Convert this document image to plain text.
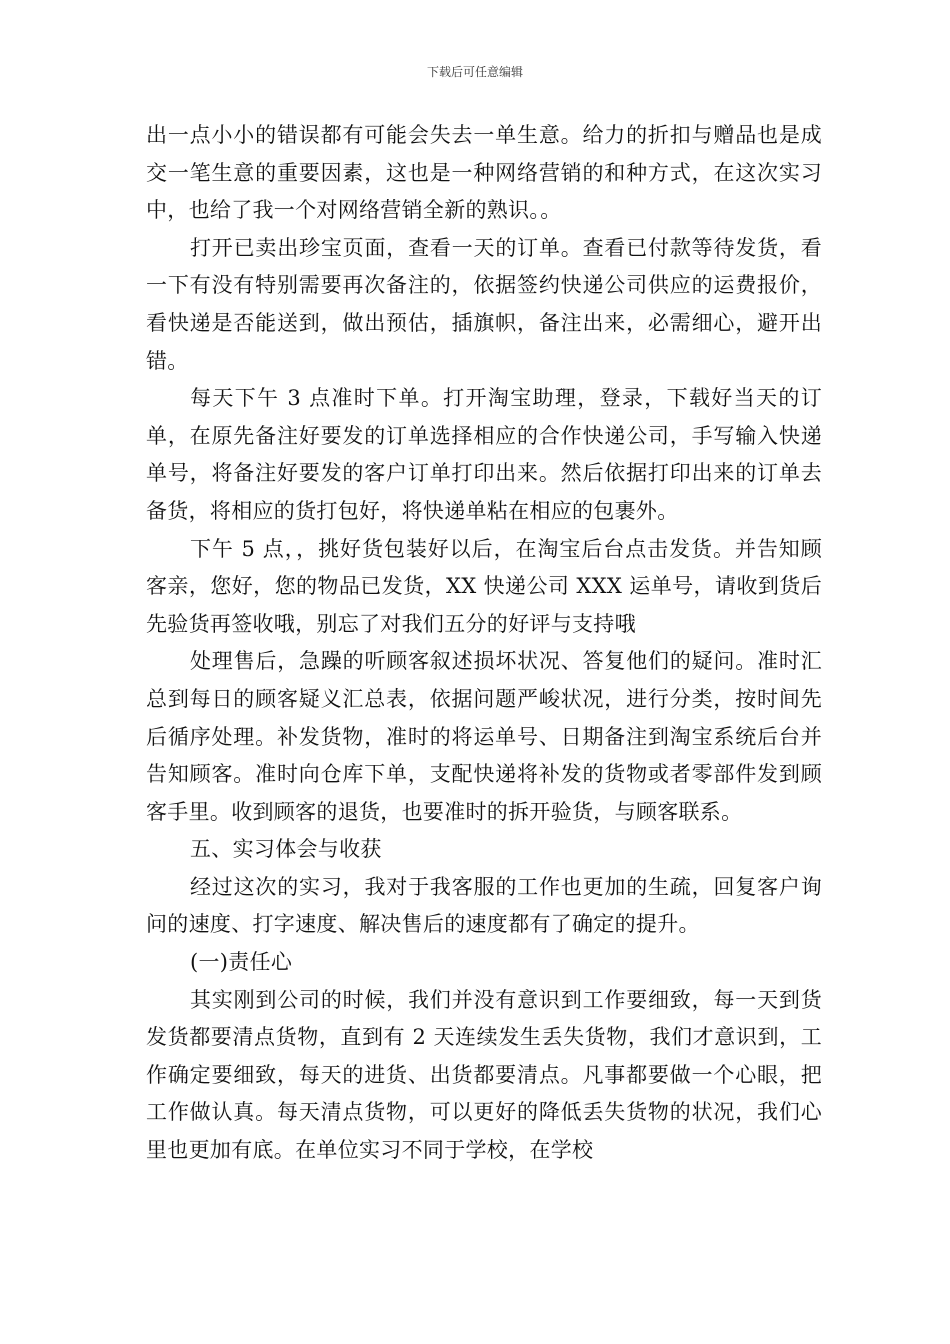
下载后可任意编辑

出一点小小的错误都有可能会失去一单生意。给力的折扣与赠品也是成交一笔生意的重要因素，这也是一种网络营销的和种方式，在这次实习中，也给了我一个对网络营销全新的熟识。。

打开已卖出珍宝页面，查看一天的订单。查看已付款等待发货，看一下有没有特别需要再次备注的，依据签约快递公司供应的运费报价，看快递是否能送到，做出预估，插旗帜，备注出来，必需细心，避开出错。

每天下午 3 点准时下单。打开淘宝助理，登录，下载好当天的订单，在原先备注好要发的订单选择相应的合作快递公司，手写输入快递单号，将备注好要发的客户订单打印出来。然后依据打印出来的订单去备货，将相应的货打包好，将快递单粘在相应的包裹外。

下午 5 点，，挑好货包装好以后，在淘宝后台点击发货。并告知顾客亲，您好，您的物品已发货，XX 快递公司 XXX 运单号，请收到货后先验货再签收哦，别忘了对我们五分的好评与支持哦

处理售后，急躁的听顾客叙述损坏状况、答复他们的疑问。准时汇总到每日的顾客疑义汇总表，依据问题严峻状况，进行分类，按时间先后循序处理。补发货物，准时的将运单号、日期备注到淘宝系统后台并告知顾客。准时向仓库下单，支配快递将补发的货物或者零部件发到顾客手里。收到顾客的退货，也要准时的拆开验货，与顾客联系。

五、实习体会与收获

经过这次的实习，我对于我客服的工作也更加的生疏，回复客户询问的速度、打字速度、解决售后的速度都有了确定的提升。

(一)责任心

其实刚到公司的时候，我们并没有意识到工作要细致，每一天到货发货都要清点货物，直到有 2 天连续发生丢失货物，我们才意识到，工作确定要细致，每天的进货、出货都要清点。凡事都要做一个心眼，把工作做认真。每天清点货物，可以更好的降低丢失货物的状况，我们心里也更加有底。在单位实习不同于学校，在学校
